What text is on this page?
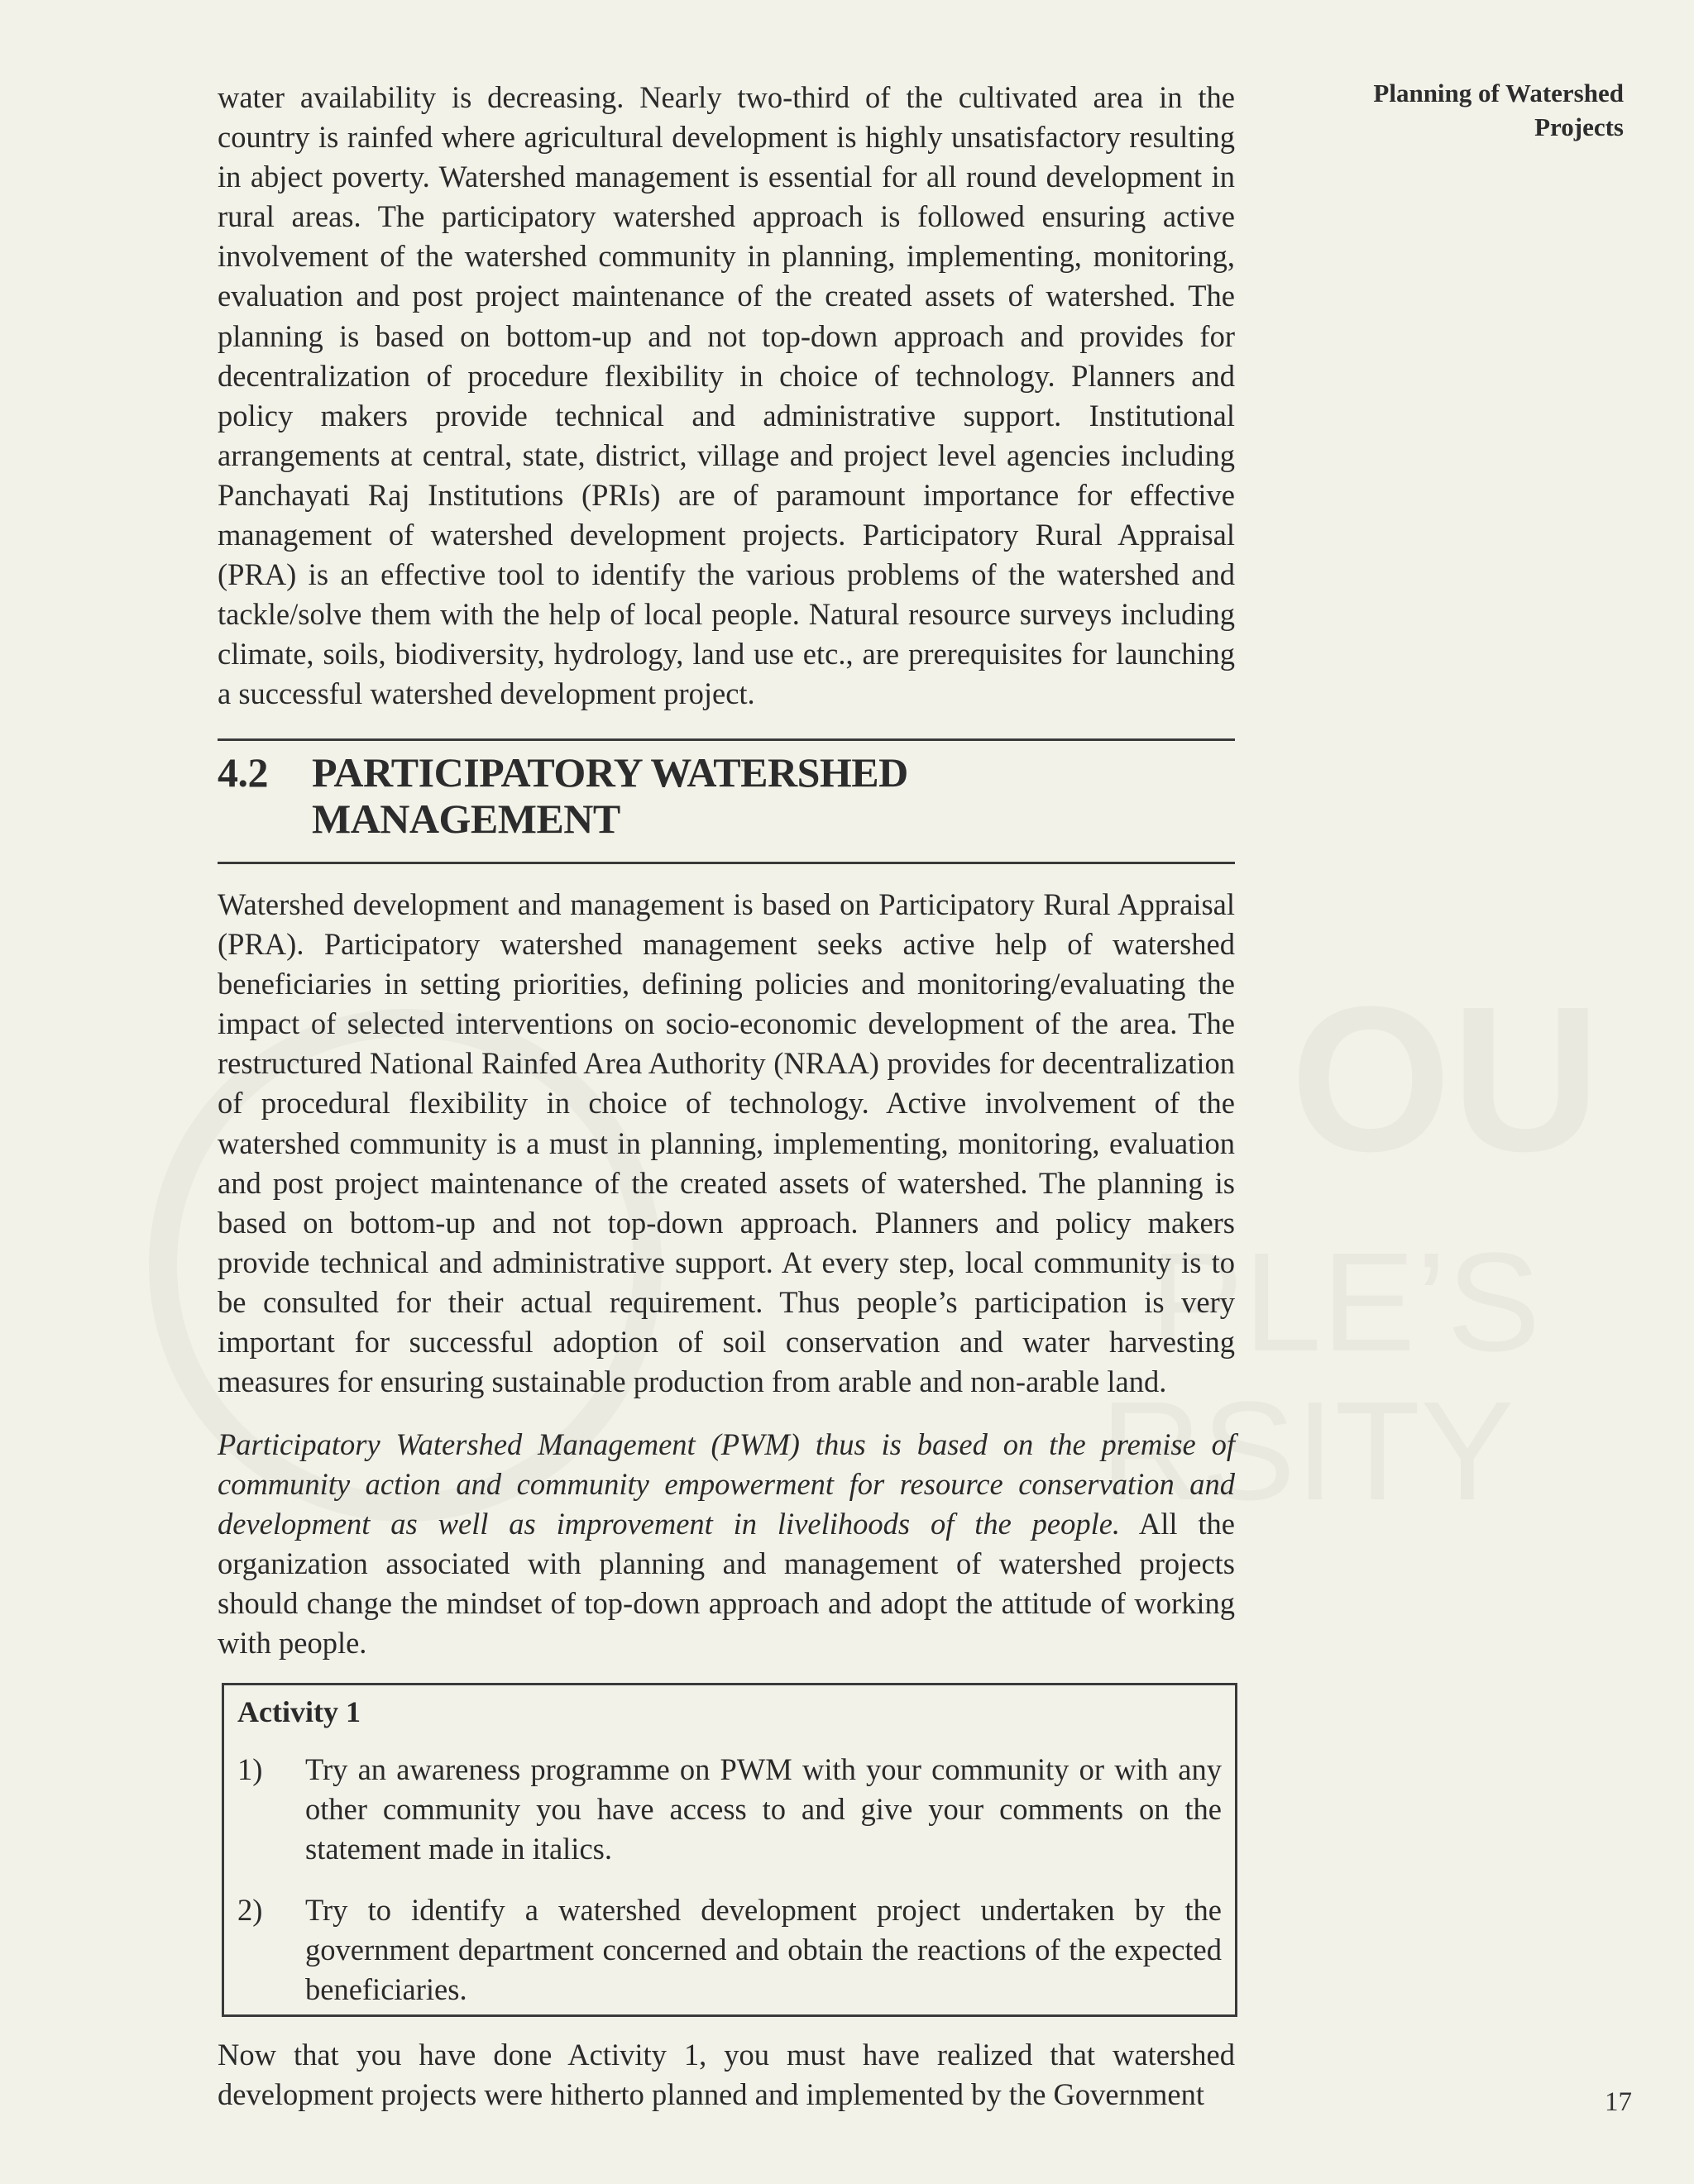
Planning of Watershed
Projects

water availability is decreasing. Nearly two-third of the cultivated area in the country is rainfed where agricultural development is highly unsatisfactory resulting in abject poverty. Watershed management is essential for all round development in rural areas. The participatory watershed approach is followed ensuring active involvement of the watershed community in planning, implementing, monitoring, evaluation and post project maintenance of the created assets of watershed. The planning is based on bottom-up and not top-down approach and provides for decentralization of procedure flexibility in choice of technology. Planners and policy makers provide technical and administrative support. Institutional arrangements at central, state, district, village and project level agencies including Panchayati Raj Institutions (PRIs) are of paramount importance for effective management of watershed development projects. Participatory Rural Appraisal (PRA) is an effective tool to identify the various problems of the watershed and tackle/solve them with the help of local people. Natural resource surveys including climate, soils, biodiversity, hydrology, land use etc., are prerequisites for launching a successful watershed development project.

4.2 PARTICIPATORY WATERSHED
MANAGEMENT

Watershed development and management is based on Participatory Rural Appraisal (PRA). Participatory watershed management seeks active help of watershed beneficiaries in setting priorities, defining policies and monitoring/evaluating the impact of selected interventions on socio-economic development of the area. The restructured National Rainfed Area Authority (NRAA) provides for decentralization of procedural flexibility in choice of technology. Active involvement of the watershed community is a must in planning, implementing, monitoring, evaluation and post project maintenance of the created assets of watershed. The planning is based on bottom-up and not top-down approach. Planners and policy makers provide technical and administrative support. At every step, local community is to be consulted for their actual requirement. Thus people’s participation is very important for successful adoption of soil conservation and water harvesting measures for ensuring sustainable production from arable and non-arable land.

Participatory Watershed Management (PWM) thus is based on the premise of community action and community empowerment for resource conservation and development as well as improvement in livelihoods of the people. All the organization associated with planning and management of watershed projects should change the mindset of top-down approach and adopt the attitude of working with people.

Activity 1
1)	Try an awareness programme on PWM with your community or with any other community you have access to and give your comments on the statement made in italics.
2)	Try to identify a watershed development project undertaken by the government department concerned and obtain the reactions of the expected beneficiaries.

Now that you have done Activity 1, you must have realized that watershed development projects were hitherto planned and implemented by the Government	17
